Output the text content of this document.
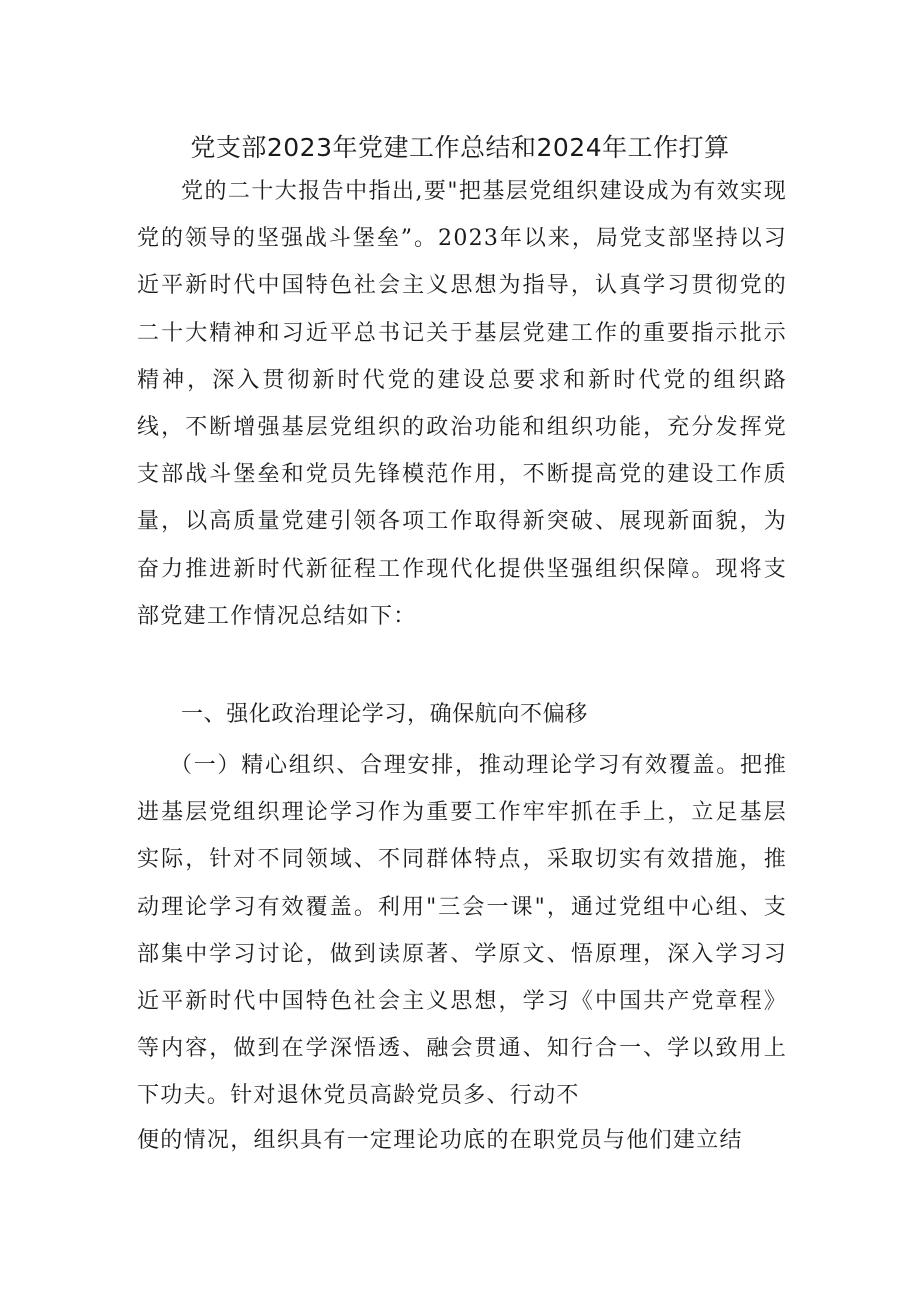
党支部2023年党建工作总结和2024年工作打算

党的二十大报告中指出,要"把基层党组织建设成为有效实现党的领导的坚强战斗堡垒”。2023年以来，局党支部坚持以习近平新时代中国特色社会主义思想为指导，认真学习贯彻党的二十大精神和习近平总书记关于基层党建工作的重要指示批示精神，深入贯彻新时代党的建设总要求和新时代党的组织路线，不断增强基层党组织的政治功能和组织功能，充分发挥党支部战斗堡垒和党员先锋模范作用，不断提高党的建设工作质量，以高质量党建引领各项工作取得新突破、展现新面貌，为奋力推进新时代新征程工作现代化提供坚强组织保障。现将支部党建工作情况总结如下：

一、强化政治理论学习，确保航向不偏移

（一）精心组织、合理安排，推动理论学习有效覆盖。把推进基层党组织理论学习作为重要工作牢牢抓在手上，立足基层实际，针对不同领域、不同群体特点，采取切实有效措施，推动理论学习有效覆盖。利用"三会一课"，通过党组中心组、支部集中学习讨论，做到读原著、学原文、悟原理，深入学习习近平新时代中国特色社会主义思想，学习《中国共产党章程》等内容，做到在学深悟透、融会贯通、知行合一、学以致用上下功夫。针对退休党员高龄党员多、行动不

便的情况，组织具有一定理论功底的在职党员与他们建立结
